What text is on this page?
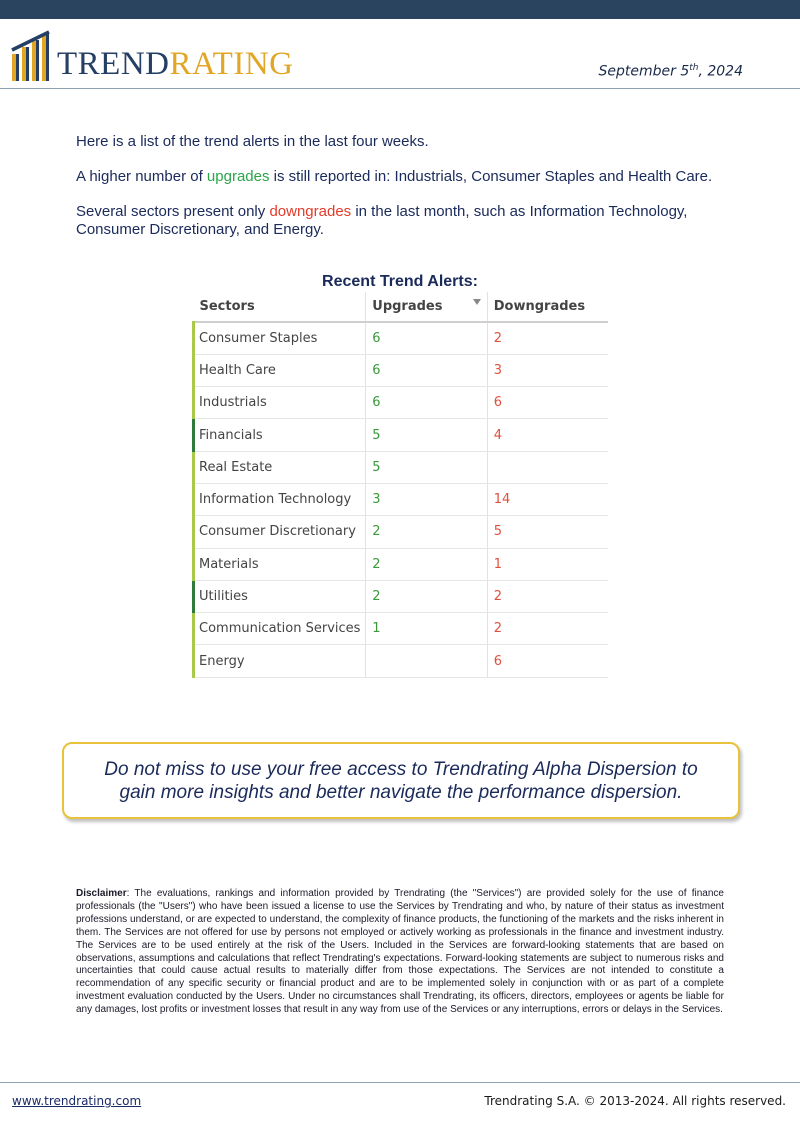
TRENDRATING	September 5th, 2024

Here is a list of the trend alerts in the last four weeks.

A higher number of upgrades is still reported in: Industrials, Consumer Staples and Health Care.

Several sectors present only downgrades in the last month, such as Information Technology, Consumer Discretionary, and Energy.

Recent Trend Alerts:
Sectors	Upgrades	Downgrades
Consumer Staples	6	2
Health Care	6	3
Industrials	6	6
Financials	5	4
Real Estate	5	
Information Technology	3	14
Consumer Discretionary	2	5
Materials	2	1
Utilities	2	2
Communication Services	1	2
Energy		6
Do not miss to use your free access to Trendrating Alpha Dispersion to gain more insights and better navigate the performance dispersion.
Disclaimer: The evaluations, rankings and information provided by Trendrating (the "Services") are provided solely for the use of finance professionals (the "Users") who have been issued a license to use the Services by Trendrating and who, by nature of their status as investment professions understand, or are expected to understand, the complexity of finance products, the functioning of the markets and the risks inherent in them. The Services are not offered for use by persons not employed or actively working as professionals in the finance and investment industry. The Services are to be used entirely at the risk of the Users. Included in the Services are forward-looking statements that are based on observations, assumptions and calculations that reflect Trendrating's expectations. Forward-looking statements are subject to numerous risks and uncertainties that could cause actual results to materially differ from those expectations. The Services are not intended to constitute a recommendation of any specific security or financial product and are to be implemented solely in conjunction with or as part of a complete investment evaluation conducted by the Users. Under no circumstances shall Trendrating, its officers, directors, employees or agents be liable for any damages, lost profits or investment losses that result in any way from use of the Services or any interruptions, errors or delays in the Services.
www.trendrating.com	Trendrating S.A. © 2013-2024. All rights reserved.
